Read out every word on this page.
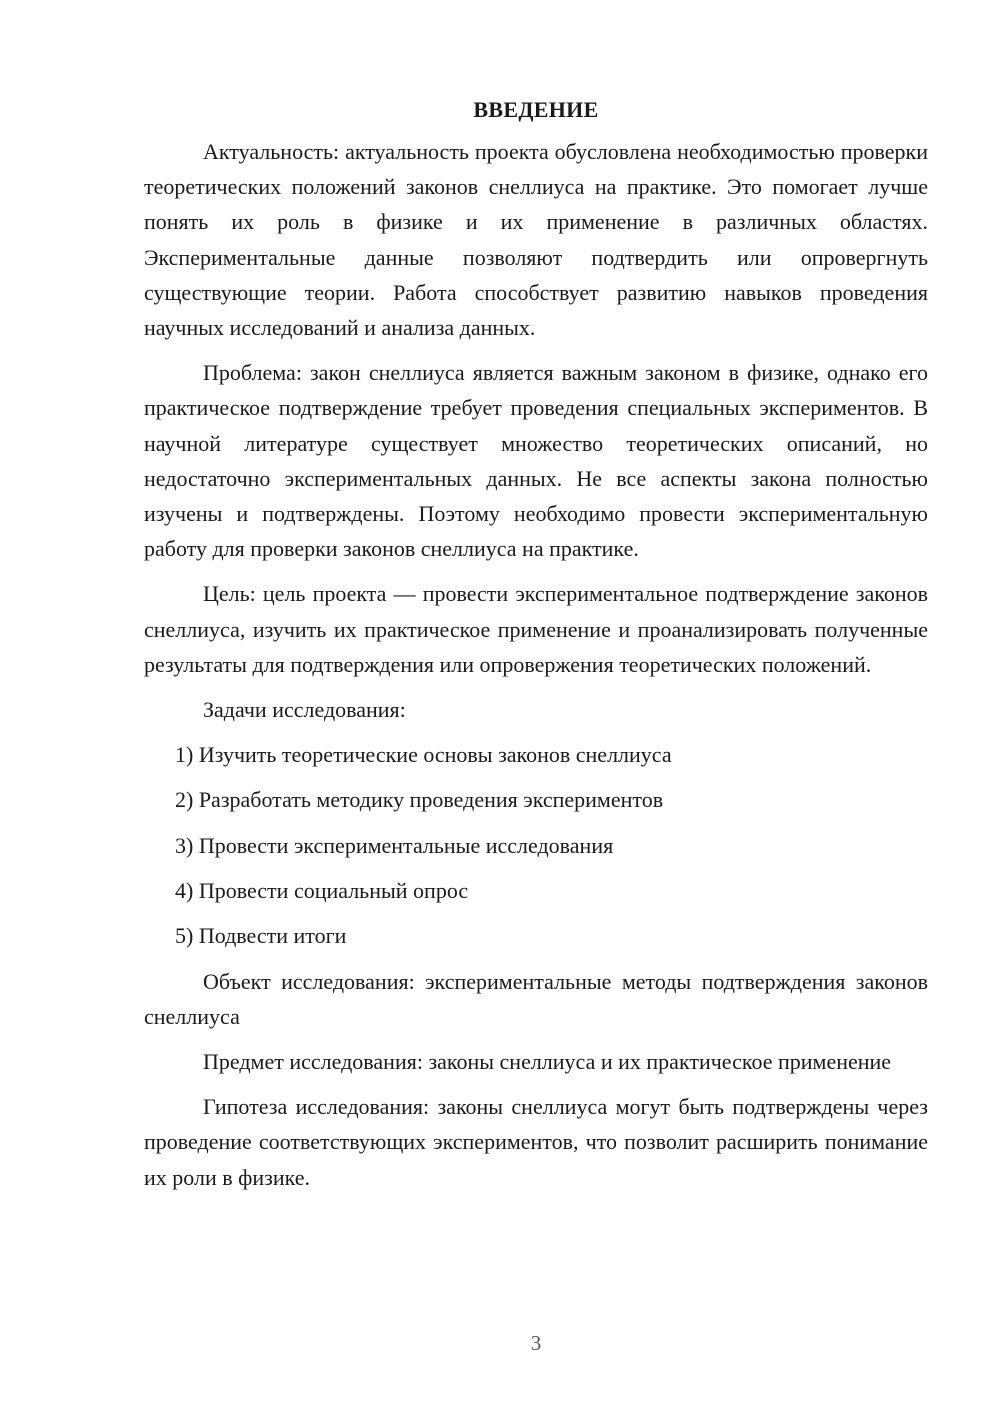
ВВЕДЕНИЕ

Актуальность: актуальность проекта обусловлена необходимостью проверки теоретических положений законов снеллиуса на практике. Это помогает лучше понять их роль в физике и их применение в различных областях. Экспериментальные данные позволяют подтвердить или опровергнуть существующие теории. Работа способствует развитию навыков проведения научных исследований и анализа данных.

Проблема: закон снеллиуса является важным законом в физике, однако его практическое подтверждение требует проведения специальных экспериментов. В научной литературе существует множество теоретических описаний, но недостаточно экспериментальных данных. Не все аспекты закона полностью изучены и подтверждены. Поэтому необходимо провести экспериментальную работу для проверки законов снеллиуса на практике.

Цель: цель проекта — провести экспериментальное подтверждение законов снеллиуса, изучить их практическое применение и проанализировать полученные результаты для подтверждения или опровержения теоретических положений.

Задачи исследования:
1) Изучить теоретические основы законов снеллиуса
2) Разработать методику проведения экспериментов
3) Провести экспериментальные исследования
4) Провести социальный опрос
5) Подвести итоги

Объект исследования: экспериментальные методы подтверждения законов снеллиуса

Предмет исследования: законы снеллиуса и их практическое применение

Гипотеза исследования: законы снеллиуса могут быть подтверждены через проведение соответствующих экспериментов, что позволит расширить понимание их роли в физике.

3
